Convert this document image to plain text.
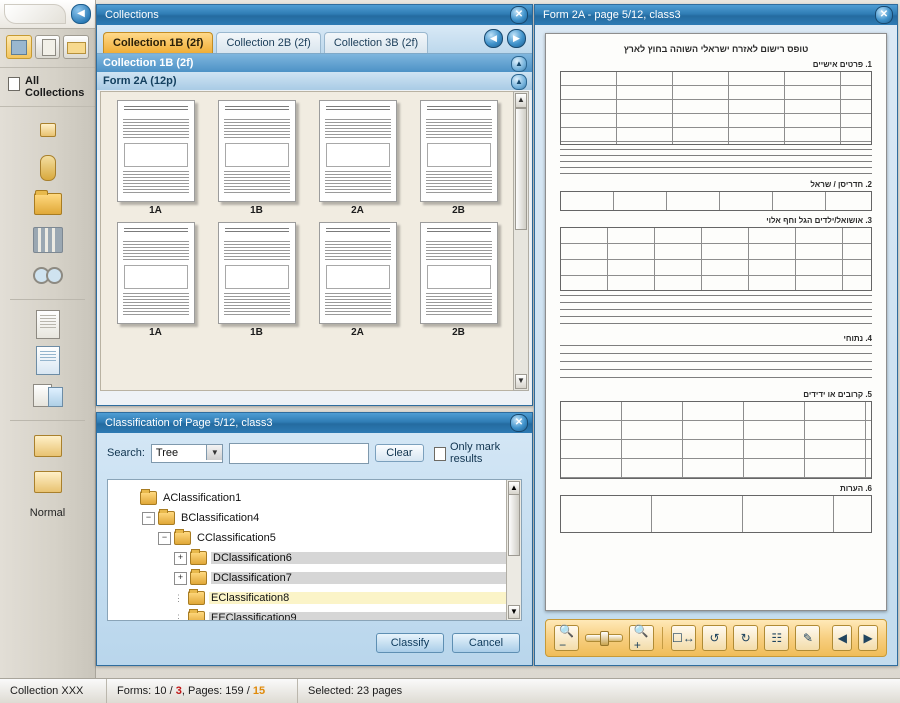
◀
All Collections
Normal
Collections	✕
Collection 1B (2f)	Collection 2B (2f)	Collection 3B (2f)	◀	▶
Collection 1B (2f)	▲
Form 2A (12p)	▲
1A	1B	2A	2B
1A	1B	2A	2B
▲
▼
Classification of Page 5/12, class3	✕
Search: Tree	▼	Clear	Only mark results
AClassification1
−	BClassification4
−	CClassification5
+	DClassification6
+	DClassification7
⋮ EClassification8
⋮ EEClassification9
▲
▼
Classify	Cancel
Form 2A - page 5/12, class3	✕
טופס רישום לאזרח ישראלי השוהה בחוץ לארץ
1. פרטים אישיים
2. חדריסן / שראל
3. אושואל/ילדים הגל וחף אלוי
4. נתוחי
5. קרובים או ידידים
6. הערות
🔍−
🔍+	☐↔ ↺ ↻ ☷ ✎ ◀ ▶
Collection XXX	Forms:
10
/
3 , Pages:
159
/
15	Selected: 23 pages
